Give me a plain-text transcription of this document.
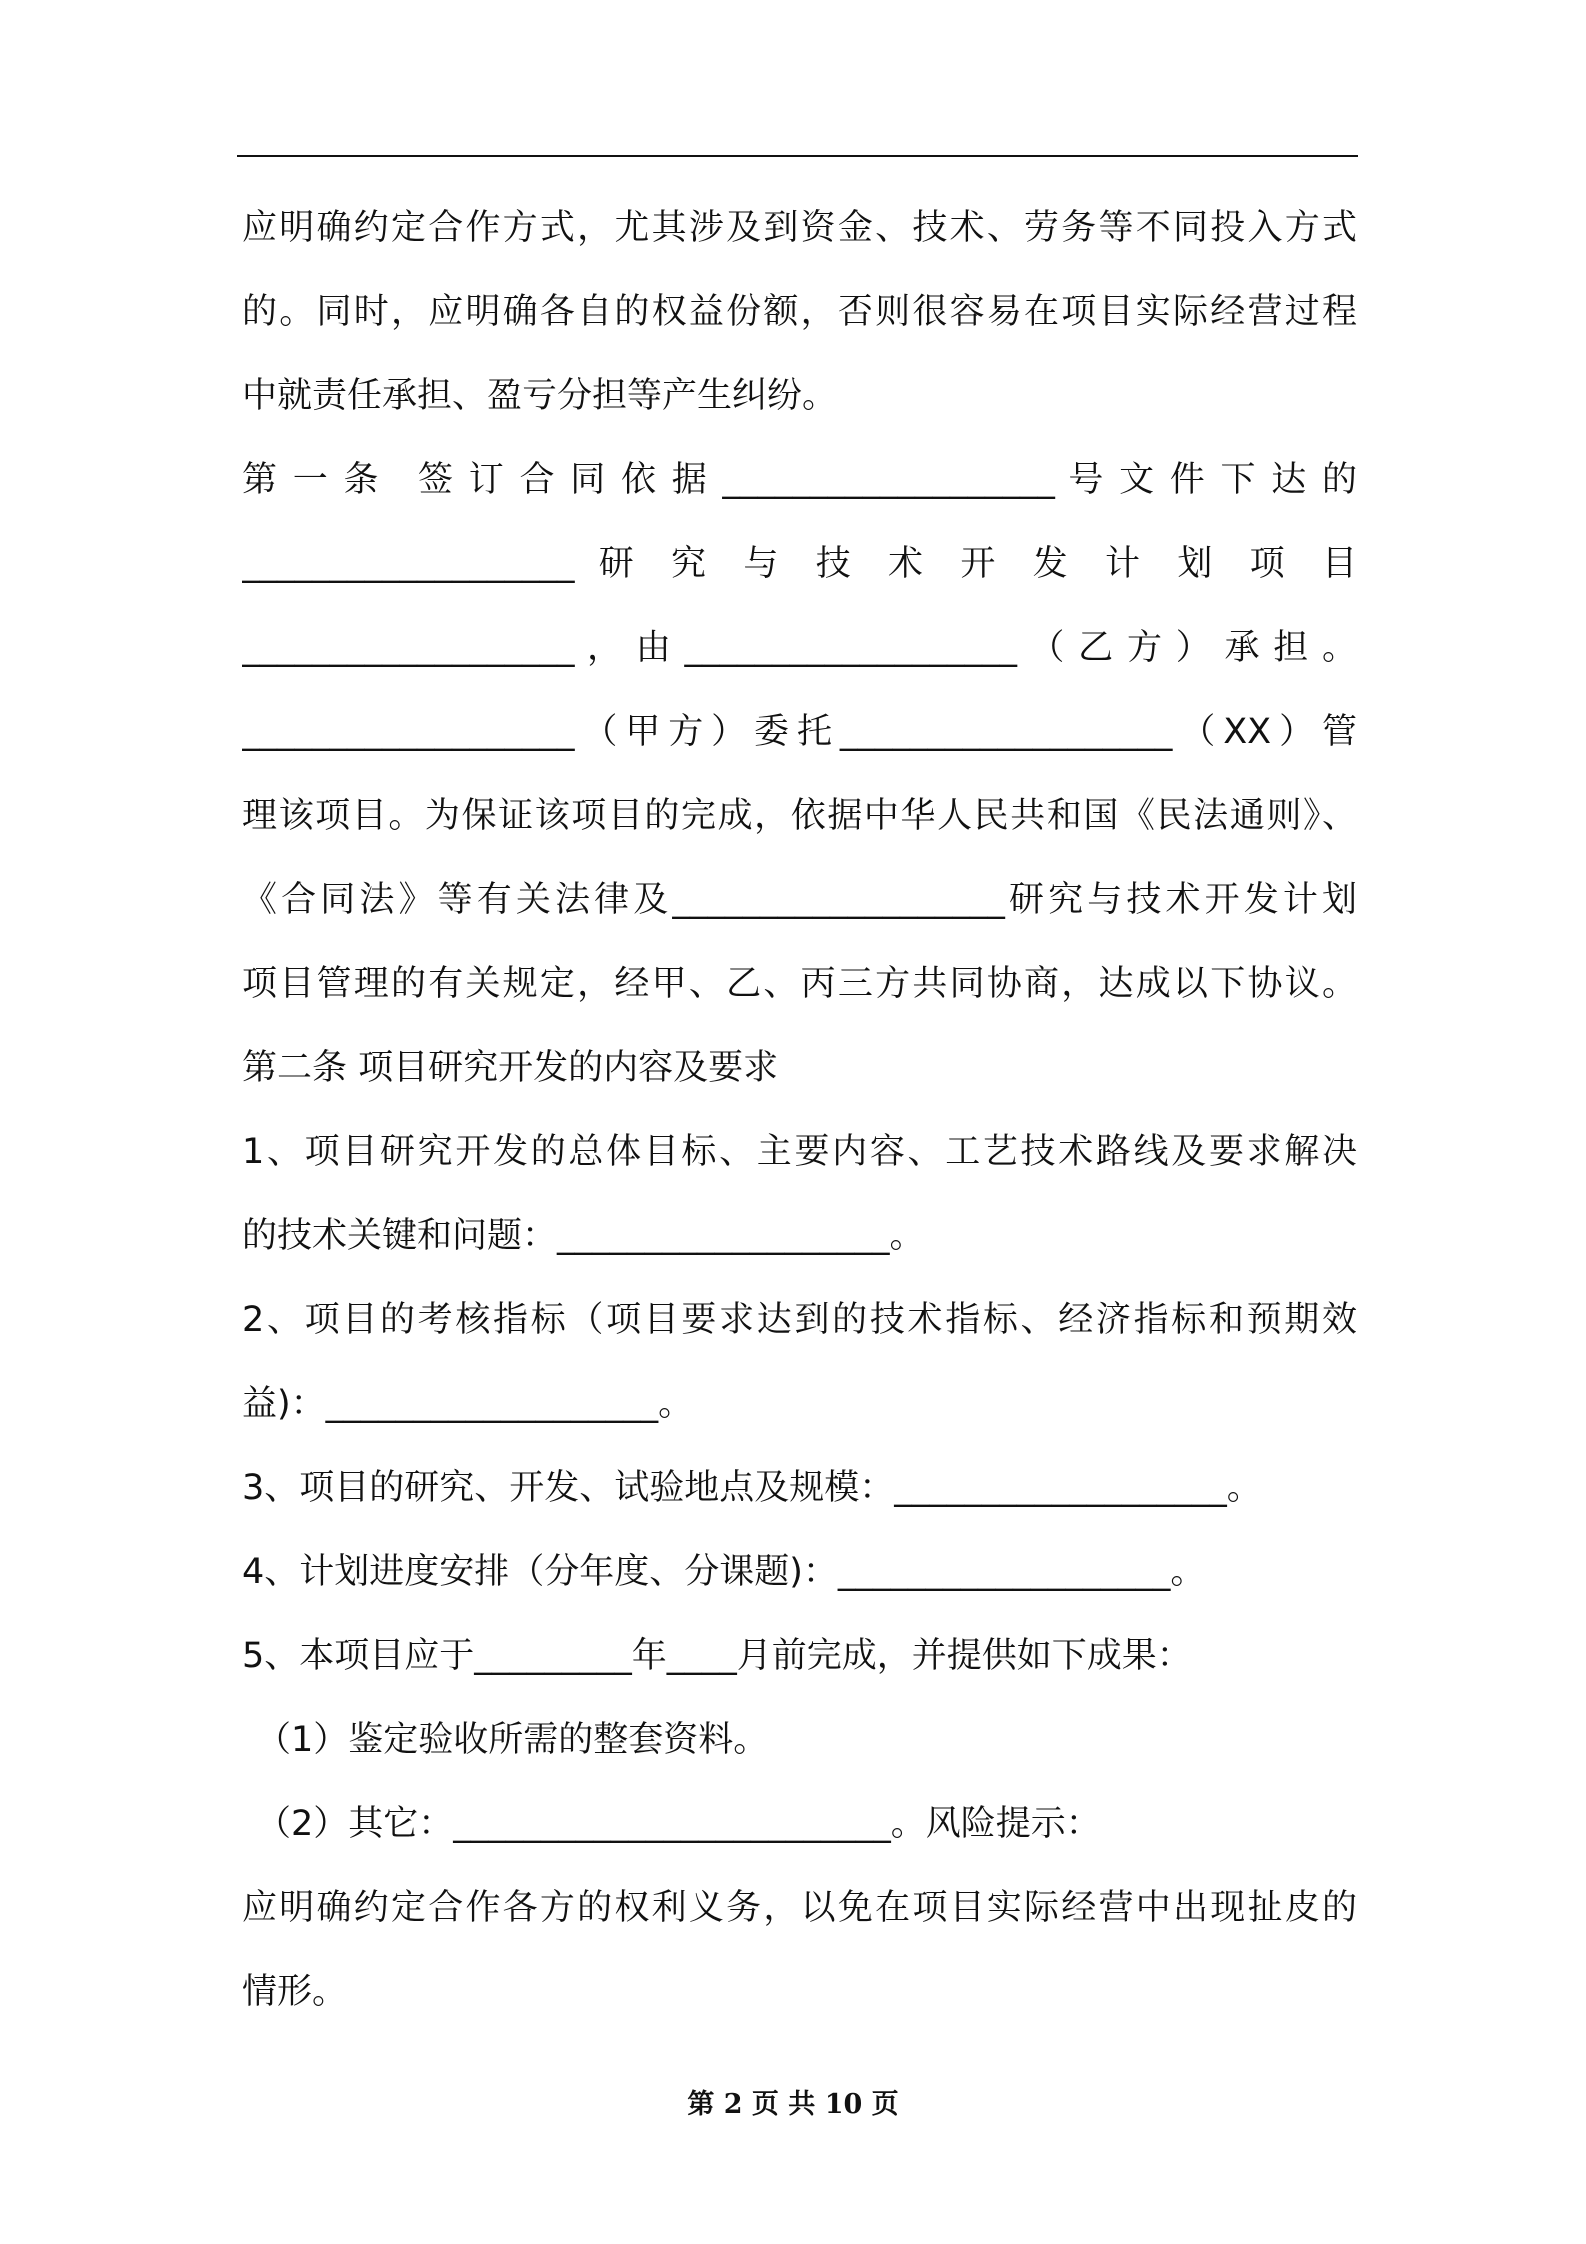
应明确约定合作方式，尤其涉及到资金、技术、劳务等不同投入方式
的。同时，应明确各自的权益份额，否则很容易在项目实际经营过程
中就责任承担、盈亏分担等产生纠纷。
第 一 条　签 订 合 同 依 据 ___________________ 号 文 件 下 达 的
___________________ 研 究 与 技 术 开 发 计 划 项 目
___________________ ， 由 ___________________ （ 乙 方 ） 承 担 。
___________________（甲方）委托___________________（XX）管
理该项目。为保证该项目的完成，依据中华人民共和国《民法通则》、
《合同法》等有关法律及___________________研究与技术开发计划
项目管理的有关规定，经甲、乙、丙三方共同协商，达成以下协议。
第二条 项目研究开发的内容及要求
1、项目研究开发的总体目标、主要内容、工艺技术路线及要求解决
的技术关键和问题：___________________。
2、项目的考核指标（项目要求达到的技术指标、经济指标和预期效
益)：___________________。
3、项目的研究、开发、试验地点及规模：___________________。
4、计划进度安排（分年度、分课题)：___________________。
5、本项目应于_________年____月前完成，并提供如下成果：
（1）鉴定验收所需的整套资料。
（2）其它：_________________________。风险提示：
应明确约定合作各方的权利义务，以免在项目实际经营中出现扯皮的
情形。
第 2 页 共 10 页
